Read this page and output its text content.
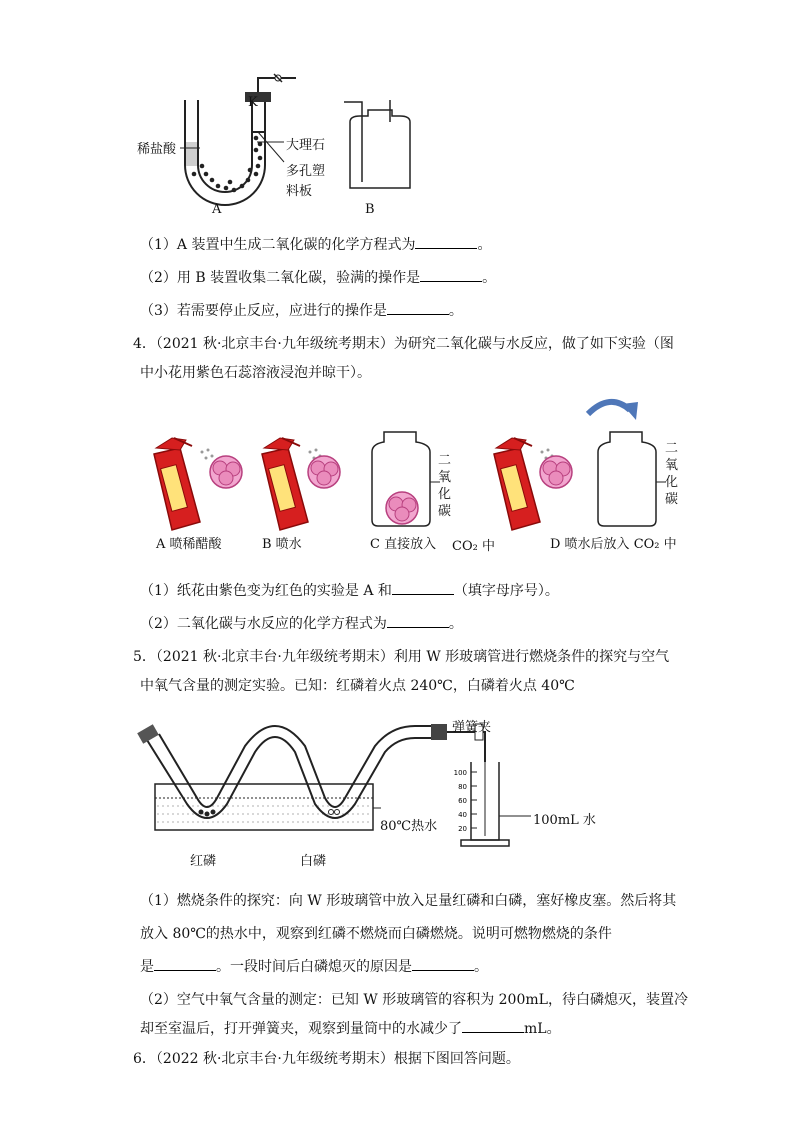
K
稀盐酸	大理石
多孔塑
料板
A	B
（1）A 装置中生成二氧化碳的化学方程式为	。
（2）用 B 装置收集二氧化碳，验满的操作是	。
（3）若需要停止反应，应进行的操作是	。
4．（2021 秋·北京丰台·九年级统考期末）为研究二氧化碳与水反应，做了如下实验（图
中小花用紫色石蕊溶液浸泡并晾干）。
二
氧
化
碳
二
氧
化
碳
A 喷稀醋酸	B 喷水	C 直接放入 CO₂ 中	D 喷水后放入 CO₂ 中
（1）纸花由紫色变为红色的实验是 A 和	（填字母序号）。
（2）二氧化碳与水反应的化学方程式为	。
5．（2021 秋·北京丰台·九年级统考期末）利用 W 形玻璃管进行燃烧条件的探究与空气
中氧气含量的测定实验。已知：红磷着火点 240℃，白磷着火点 40℃
100
80
60
40
20
弹簧夹
80℃热水
红磷	白磷
100mL 水
（1）燃烧条件的探究：向 W 形玻璃管中放入足量红磷和白磷，塞好橡皮塞。然后将其
放入 80℃的热水中，观察到红磷不燃烧而白磷燃烧。说明可燃物燃烧的条件
是	。一段时间后白磷熄灭的原因是	。
（2）空气中氧气含量的测定：已知 W 形玻璃管的容积为 200mL，待白磷熄灭，装置冷
却至室温后，打开弹簧夹，观察到量筒中的水减少了	mL。
6．（2022 秋·北京丰台·九年级统考期末）根据下图回答问题。
